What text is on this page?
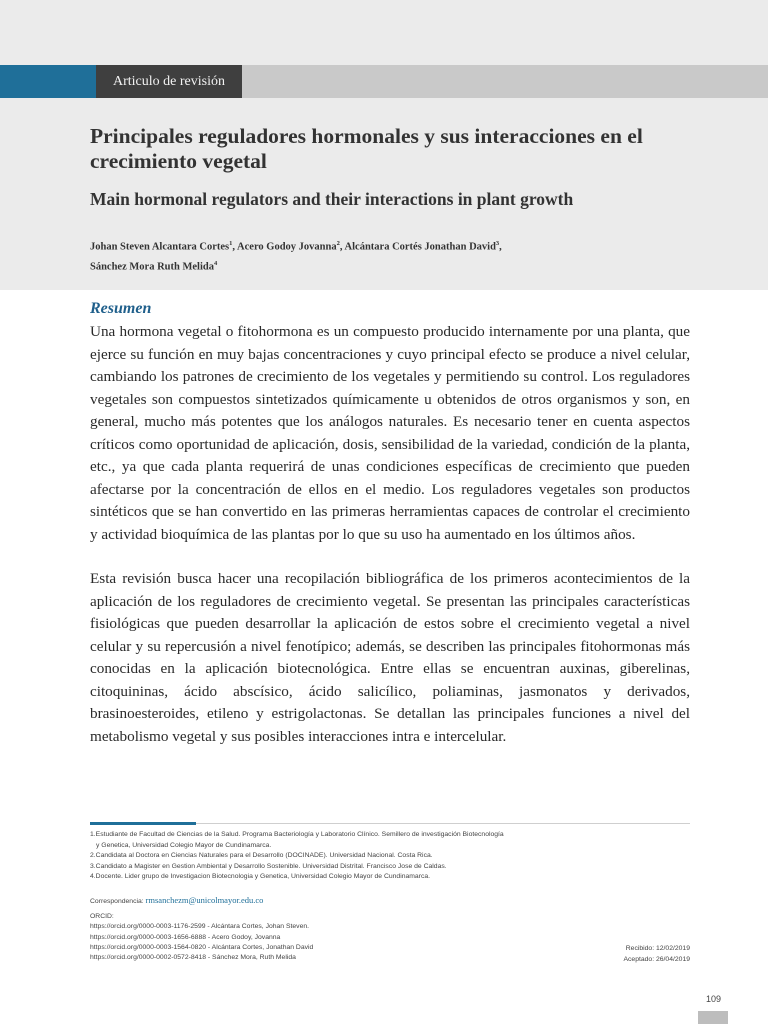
Articulo de revisión
Principales reguladores hormonales y sus interacciones en el crecimiento vegetal
Main hormonal regulators and their interactions in plant growth
Johan Steven Alcantara Cortes$^1$, Acero Godoy Jovanna$^2$, Alcántara Cortés Jonathan David$^3$,
Sánchez Mora Ruth Melida$^4$
Resumen

Una hormona vegetal o fitohormona es un compuesto producido internamente por una planta, que ejerce su función en muy bajas concentraciones y cuyo principal efecto se produce a nivel celular, cambiando los patrones de crecimiento de los vegetales y permitiendo su control. Los reguladores vegetales son compuestos sintetizados químicamente u obtenidos de otros organismos y son, en general, mucho más potentes que los análogos naturales. Es necesario tener en cuenta aspectos críticos como oportunidad de aplicación, dosis, sensibilidad de la variedad, condición de la planta, etc., ya que cada planta requerirá de unas condiciones específicas de crecimiento que pueden afectarse por la concentración de ellos en el medio. Los reguladores vegetales son productos sintéticos que se han convertido en las primeras herramientas capaces de controlar el crecimiento y actividad bioquímica de las plantas por lo que su uso ha aumentado en los últimos años.

Esta revisión busca hacer una recopilación bibliográfica de los primeros acontecimientos de la aplicación de los reguladores de crecimiento vegetal. Se presentan las principales características fisiológicas que pueden desarrollar la aplicación de estos sobre el crecimiento vegetal a nivel celular y su repercusión a nivel fenotípico; además, se describen las principales fitohormonas más conocidas en la aplicación biotecnológica. Entre ellas se encuentran auxinas, giberelinas, citoquininas, ácido abscísico, ácido salicílico, poliaminas, jasmonatos y derivados, brasinoesteroides, etileno y estrigolactonas. Se detallan las principales funciones a nivel del metabolismo vegetal y sus posibles interacciones intra e intercelular.

1.Estudiante de Facultad de Ciencias de la Salud. Programa Bacteriología y Laboratorio Clínico. Semillero de investigación Biotecnología
y Genetica, Universidad Colegio Mayor de Cundinamarca.
2.Candidata al Doctora en Ciencias Naturales para el Desarrollo (DOCINADE). Universidad Nacional. Costa Rica.
3.Candidato a Magister en Gestion Ambiental y Desarrollo Sostenible. Universidad Distrital. Francisco Jose de Caldas.
4.Docente. Lider grupo de Investigacion Biotecnologia y Genetica, Universidad Colegio Mayor de Cundinamarca.
Correspondencia: rmsanchezm@unicolmayor.edu.co
ORCID:
https://orcid.org/0000-0003-1176-2599 - Alcántara Cortes, Johan Steven.
https://orcid.org/0000-0003-1656-6888 - Acero Godoy, Jovanna
https://orcid.org/0000-0003-1564-0820 - Alcántara Cortes, Jonathan David
https://orcid.org/0000-0002-0572-8418 - Sánchez Mora, Ruth Melida
Recibido: 12/02/2019
Aceptado: 26/04/2019
109
